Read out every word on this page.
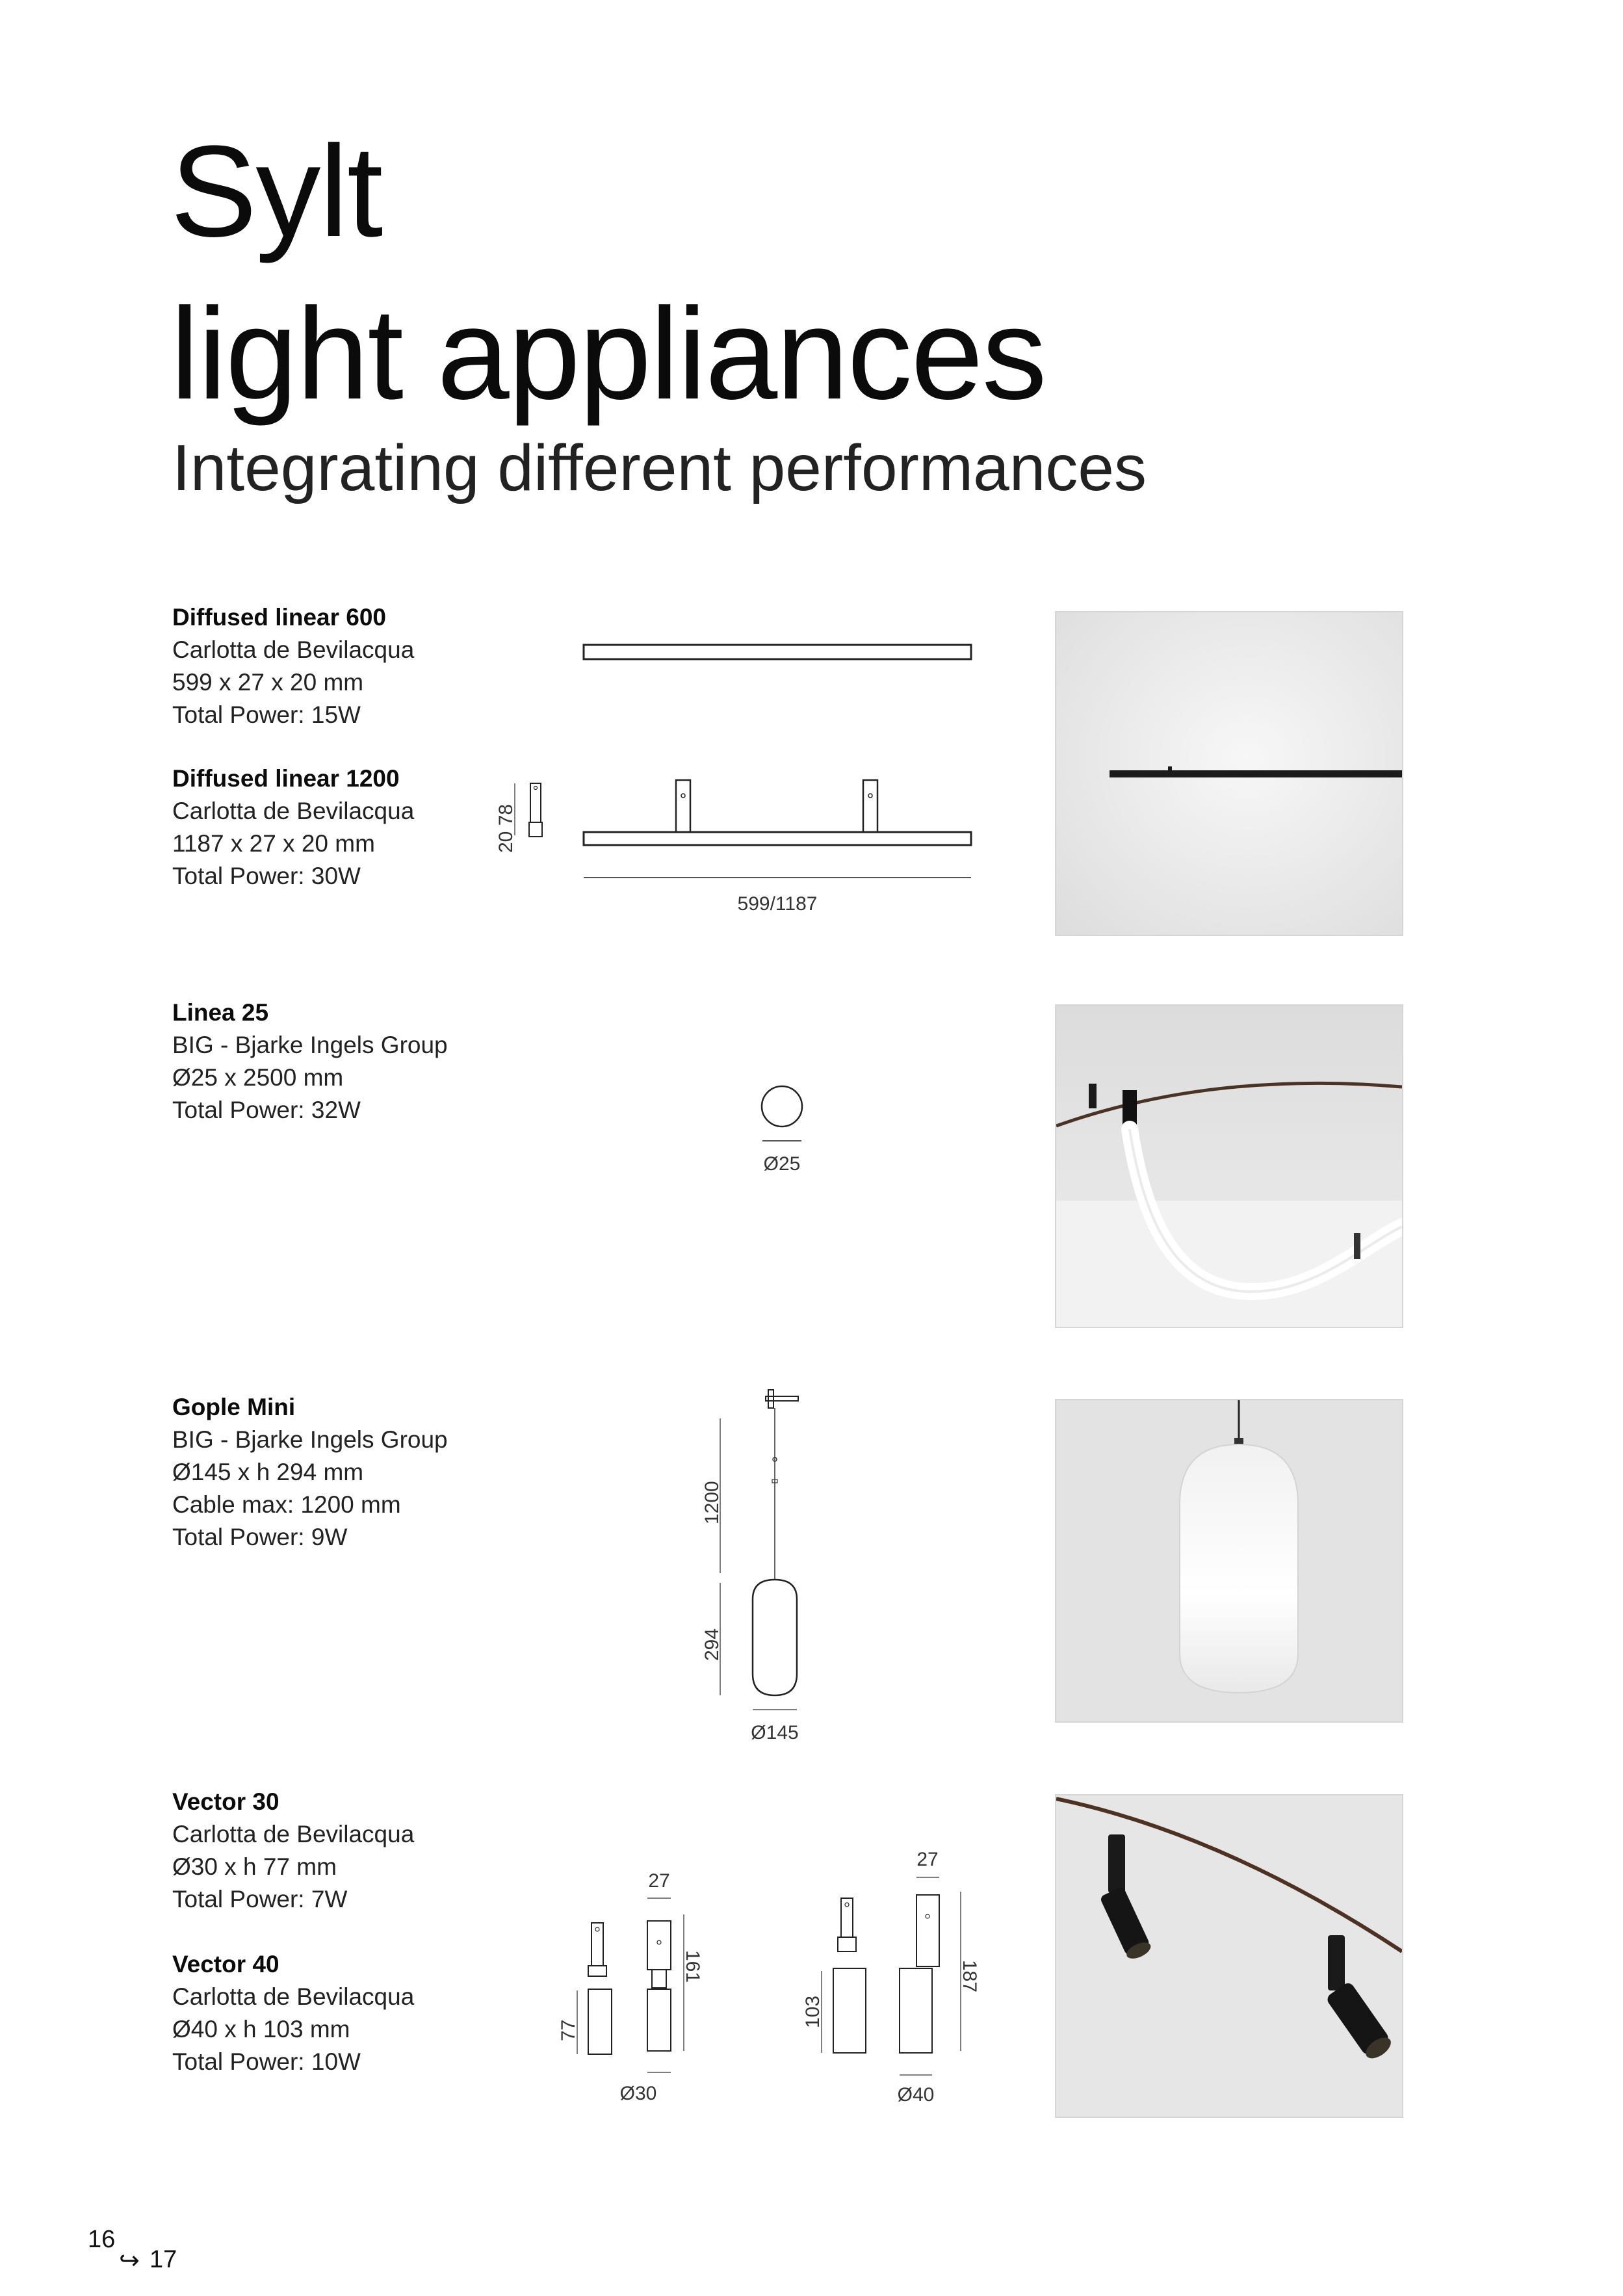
Sylt
light appliances
Integrating different performances
Diffused linear 600
Carlotta de Bevilacqua
599 x 27 x 20 mm
Total Power: 15W
Diffused linear 1200
Carlotta de Bevilacqua
1187 x 27 x 20 mm
Total Power: 30W
20 78
599/1187
Linea 25
BIG - Bjarke Ingels Group
Ø25 x 2500 mm
Total Power: 32W
Ø25
Gople Mini
BIG - Bjarke Ingels Group
Ø145 x h 294 mm
Cable max: 1200 mm
Total Power: 9W
1200
294
Ø145
Vector 30
Carlotta de Bevilacqua
Ø30 x h 77 mm
Total Power: 7W
Vector 40
Carlotta de Bevilacqua
Ø40 x h 103 mm
Total Power: 10W
27
161
77
Ø30
27
187
103
Ø40
16
↪ 17
